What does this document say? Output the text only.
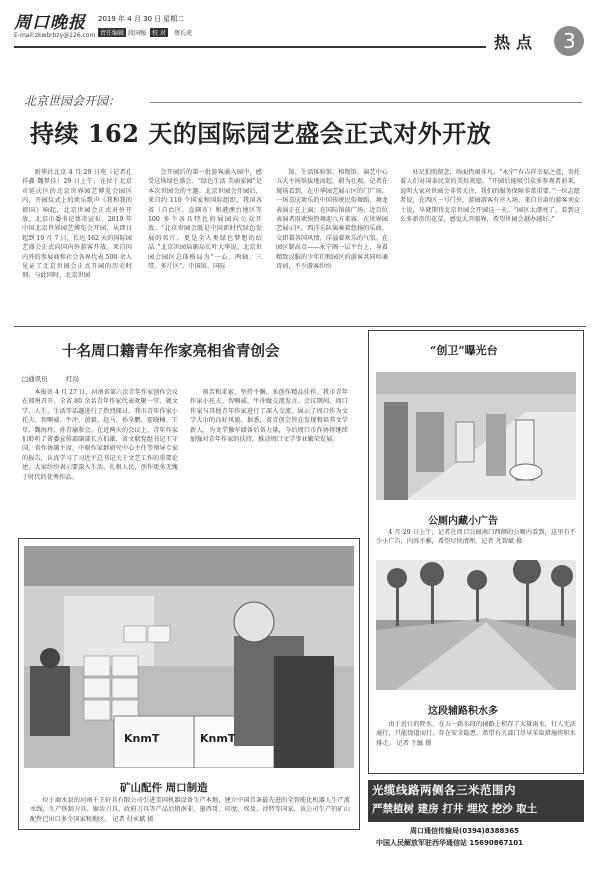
周口晚报
E-mail:zkwbrbzy@126.com
2019 年 4 月 30 日 星期二
责任编辑 段国强 校 对	蔡长虎	热点 3
北京世园会开园：
持续 162 天的国际园艺盛会正式对外开放

新华社北京 4 月 29 日电（记者孔祥鑫 魏梦佳）29 日上午，在位于北京市延庆区的北京世界园艺博览会园区内，开园仪式上的欢乐歌声《我和我的祖国》响起，北京世园会正式对外开放。北京市委书记蔡奇宣布，2019 年中国北京世界园艺博览会开园，从即日起到 10 月 7 日，长达 162 天的国际园艺盛会正式向国内外游客开放。来自国内外的参展商和社会各界代表 500 余人见证了北京世园会正式开园的历史时刻。与此同时，北京世园

会开园后的第一批游客涌入园中，感受这场绿色盛会。“绿色生活 美丽家园”是本次世园会的主题。北京世园会开园后，来自约 110 个国家和国际组织、我国各省（自治区、直辖市）和港澳台地区等 100 多个各具特色的展园向公众开放。“北京世园会既是中国新时代绿色发展的名片，更是全人类绿色梦想的结晶。”北京世园局副局长叶大华说。北京世园会园区总体格局为“一心、两轴、三带、多片区”。中国馆、国际

馆、生活体验馆、植物馆、演艺中心五大主场馆拔地而起，蔚为壮观。记者在现场看到，在中华园艺展示区的门广场，一场喜庆欢乐的中国传统民俗舞蹈、舞龙表演正在上演；在国际馆前广场，近百位表演者用欢快热舞迎八方来客；在世界园艺展示区，西洋乐队演奏着悠扬的乐曲，交织着各国风情，洋溢着欢乐的气氛。在园区制高点——永宁阁一层平台上，身着精致汉服的少年们和园区的游客共同吟诵诗词，不少游客纷纷

驻足拍照留念，场面热闹非凡。“永宁”有吉祥幸福之意，寄托着人们对国泰民安的美好祝愿。“开园后能吸引众多参观者前来，说明大家对世园会非常关注，我们的服务保障非常重要。”一位志愿者说，在西区一号门外，游园游客有序入场。来自甘肃的游客刘女士说，早就期待北京世园会开园这一天。“园区太漂亮了，看到这么多新奇的花草，感觉大开眼界，希望世园会越办越好。”

十名周口籍青年作家亮相省青创会
□通讯员	红岛

本报讯 4 月 27 日，河南省第六次青年作家创作会议在郑州召开，全省 80 余名青年作家代表欢聚一堂，就文学、人生、生活等话题进行了热烈探讨。我市青年作家小托夫、智啊威、牛冲、黄毅、赵马、孙全鹏、霍晓楠、王星、魏海玲、孙青瑜参会。在近两天的会议上，青年作家们聆听了省委宣传部副部长方伯雄，省文联党组书记王守国，省作协副主席、中原作家群研究中心主任等领导专家的报告，认真学习了习近平总书记关于文艺工作的重要论述，大家纷纷表示要深入生活、扎根人民，创作更多无愧于时代的优秀作品。

刻苦和求索，坚持不懈，多创作精品佳作。我市青年作家小托夫、智啊威、牛冲做交流发言。会议期间，周口作家与其他青年作家进行了深入交流，展示了周口作为文学大市的良好风貌。据悉，省青创会旨在发现和培养文学新人，为文学豫军储备后备力量，今后周口市作协将继续加强对青年作家的扶持，推动周口文学事业繁荣发展。

“创卫”曝光台
公厕内藏小广告

4 月 29 日上午，记者在周口公园南门西侧的公厕内看到，这里有不少小广告，内容不雅，希望尽快清理。记者 凡智斌 摄

这段辅路积水多

由于近日的降水，在五一路东段的辅路上积存了大量雨水，行人无法通行，只能绕道而行，存在安全隐患，希望有关部门尽早采取措施将积水排走。 记者 王毓 摄

KnmT	KnmT
矿山配件 周口制造

位于商水县的河南千王轩具有限公司引进美国机器设备生产本地，建立中国首条最先进的全智能化机器人生产流水线，生产铁制刀具、锯齿刀具、政府刀具等产品后销南非、墨西哥、印度、埃及、沙特等国家，该公司生产的矿山配件已出口多个国家和地区。 记者 付永斌 摄

光缆线路两侧各三米范围内
严禁植树 建房 打井 埋坟 挖沙 取土
周口通信传输局(0394)8388365
中国人民解放军驻西华通信站 15690867101
